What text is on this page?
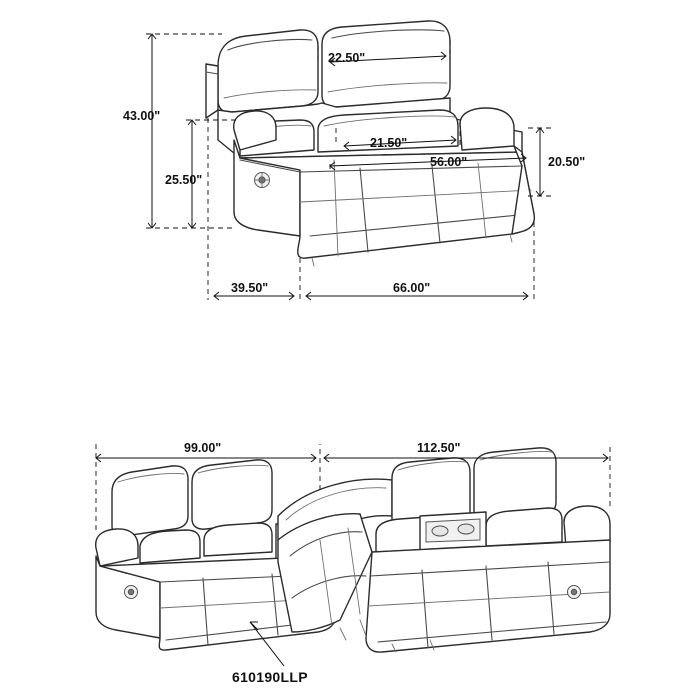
43.00"
25.50"
22.50"
21.50"
56.00"	20.50"
39.50"	66.00"
99.00"	112.50"
610190LLP
